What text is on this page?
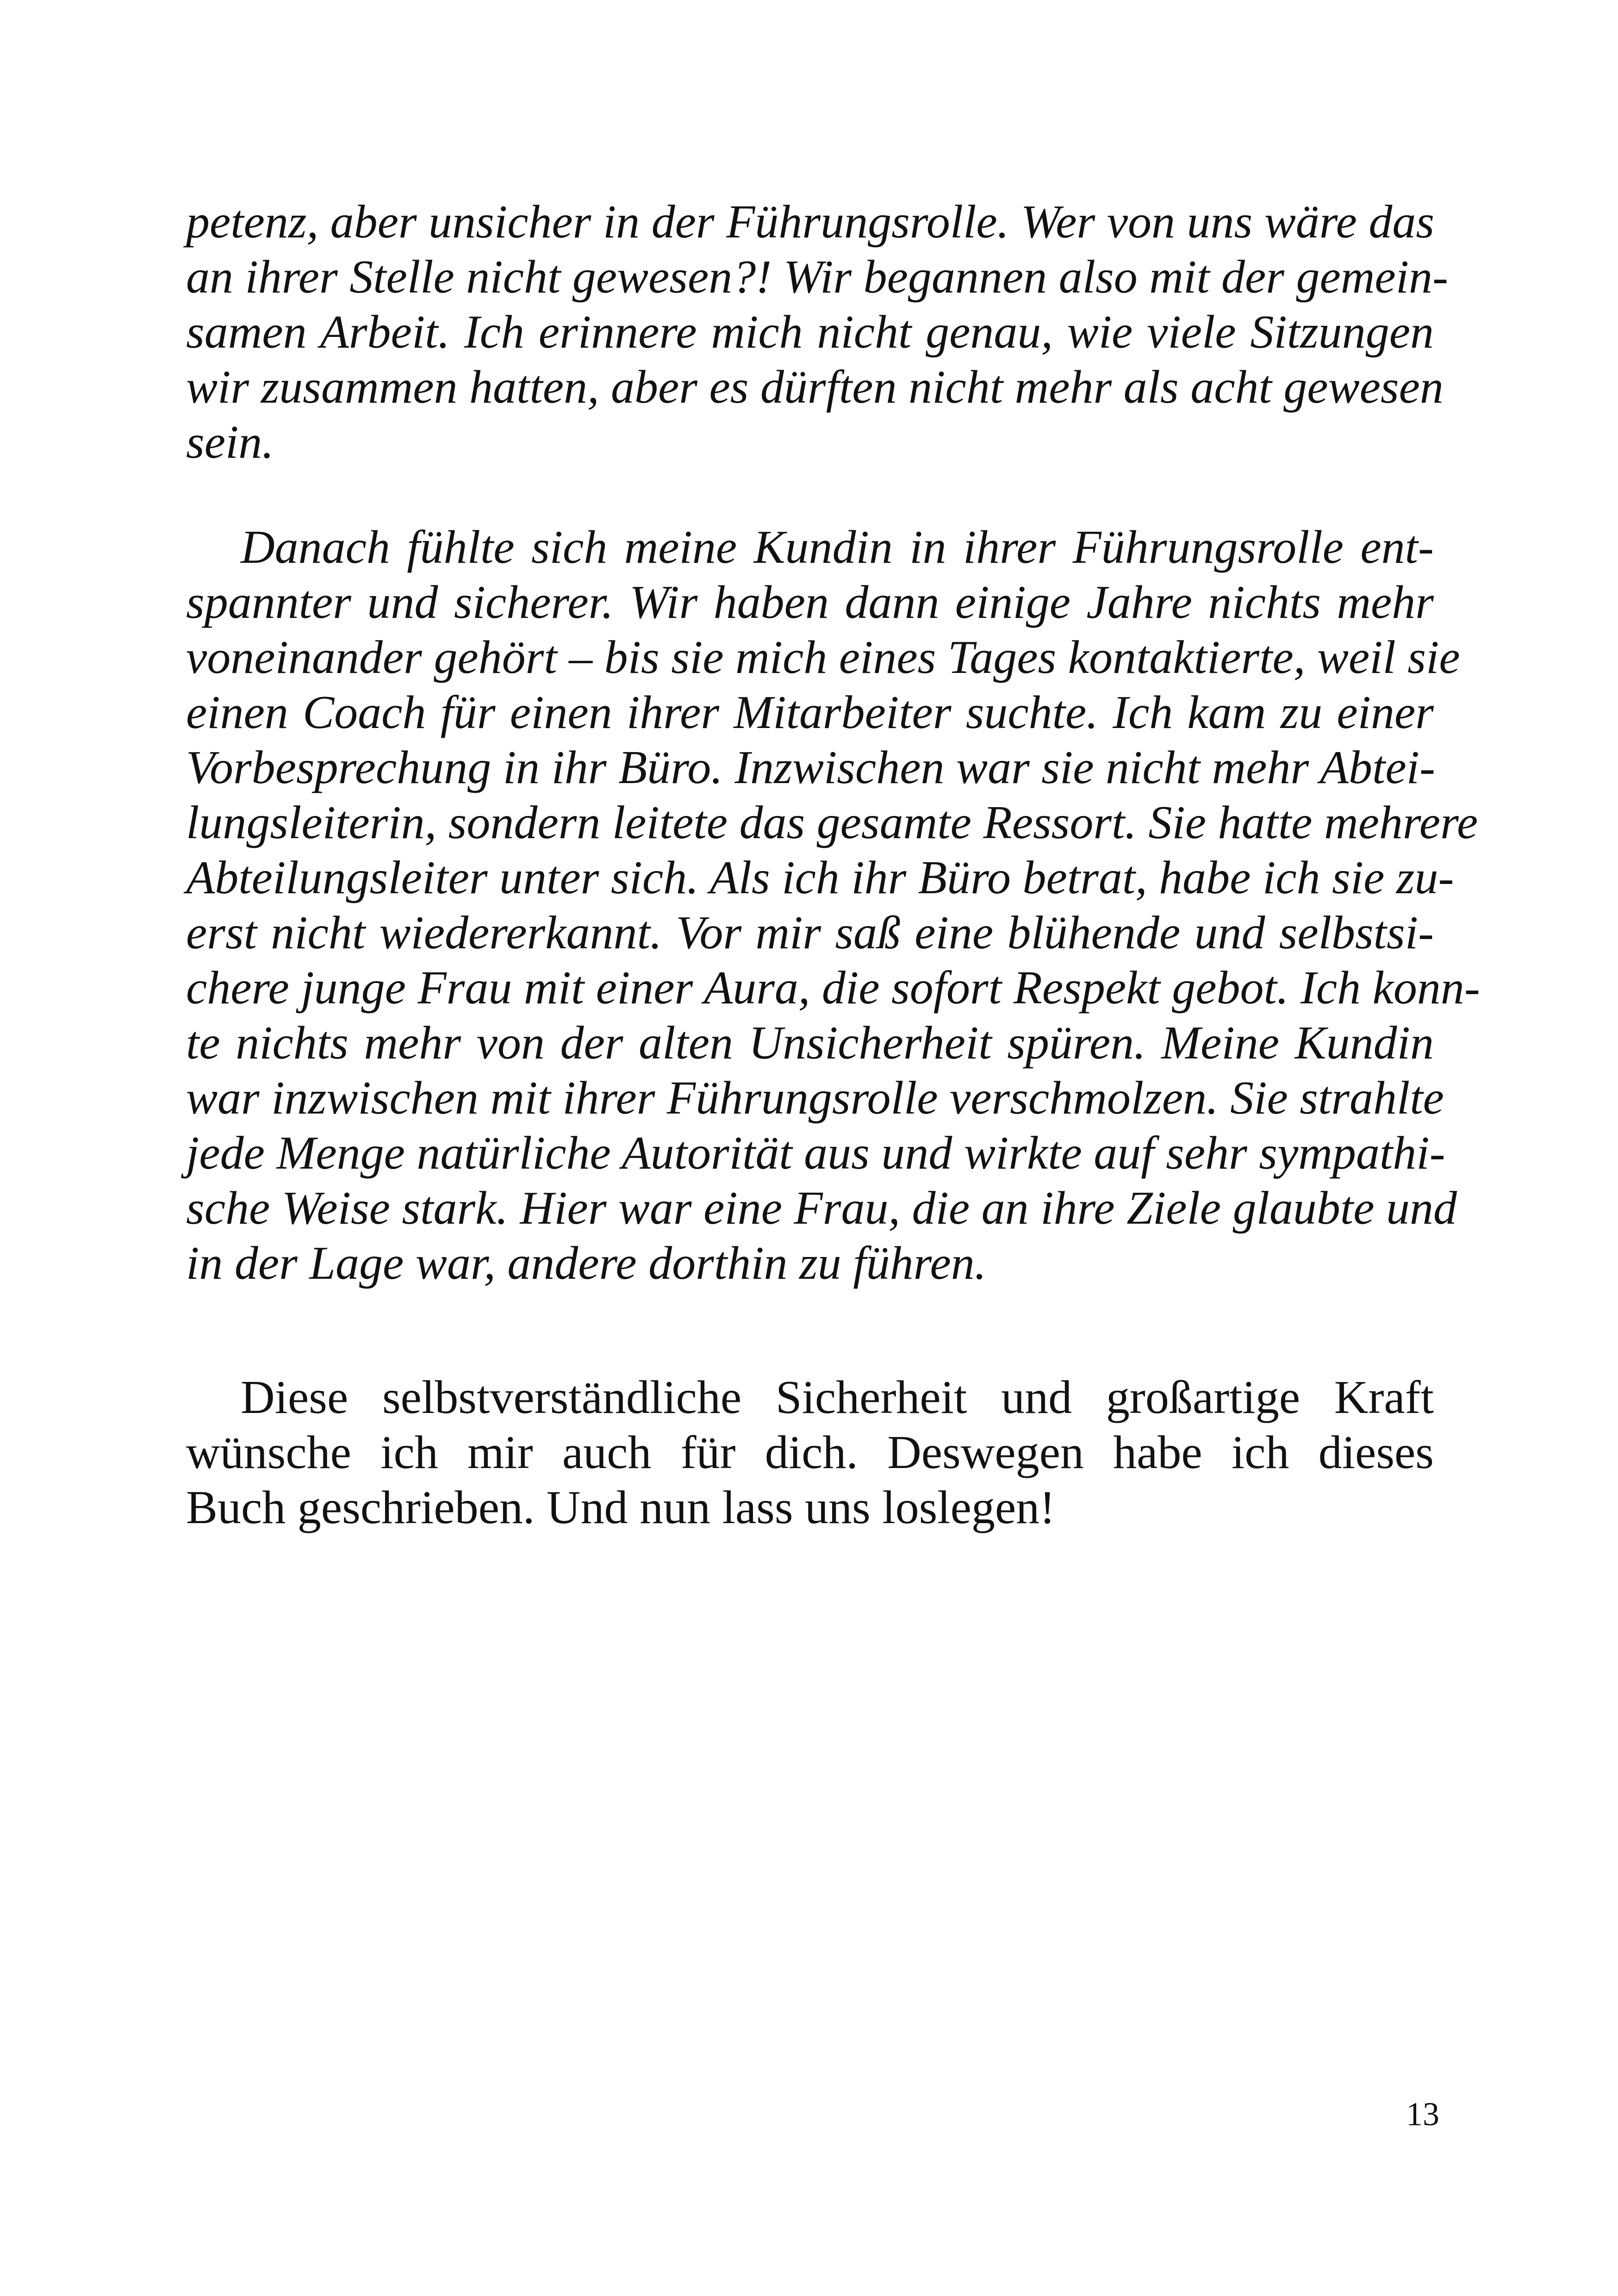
petenz, aber unsicher in der Führungsrolle. Wer von uns wäre das
an ihrer Stelle nicht gewesen?! Wir begannen also mit der gemein-
samen Arbeit. Ich erinnere mich nicht genau, wie viele Sitzungen
wir zusammen hatten, aber es dürften nicht mehr als acht gewesen
sein.
Danach fühlte sich meine Kundin in ihrer Führungsrolle ent-
spannter und sicherer. Wir haben dann einige Jahre nichts mehr
voneinander gehört – bis sie mich eines Tages kontaktierte, weil sie
einen Coach für einen ihrer Mitarbeiter suchte. Ich kam zu einer
Vorbesprechung in ihr Büro. Inzwischen war sie nicht mehr Abtei-
lungsleiterin, sondern leitete das gesamte Ressort. Sie hatte mehrere
Abteilungsleiter unter sich. Als ich ihr Büro betrat, habe ich sie zu-
erst nicht wiedererkannt. Vor mir saß eine blühende und selbstsi-
chere junge Frau mit einer Aura, die sofort Respekt gebot. Ich konn-
te nichts mehr von der alten Unsicherheit spüren. Meine Kundin
war inzwischen mit ihrer Führungsrolle verschmolzen. Sie strahlte
jede Menge natürliche Autorität aus und wirkte auf sehr sympathi-
sche Weise stark. Hier war eine Frau, die an ihre Ziele glaubte und
in der Lage war, andere dorthin zu führen.
Diese selbstverständliche Sicherheit und großartige Kraft
wünsche ich mir auch für dich. Deswegen habe ich dieses
Buch geschrieben. Und nun lass uns loslegen!
13
